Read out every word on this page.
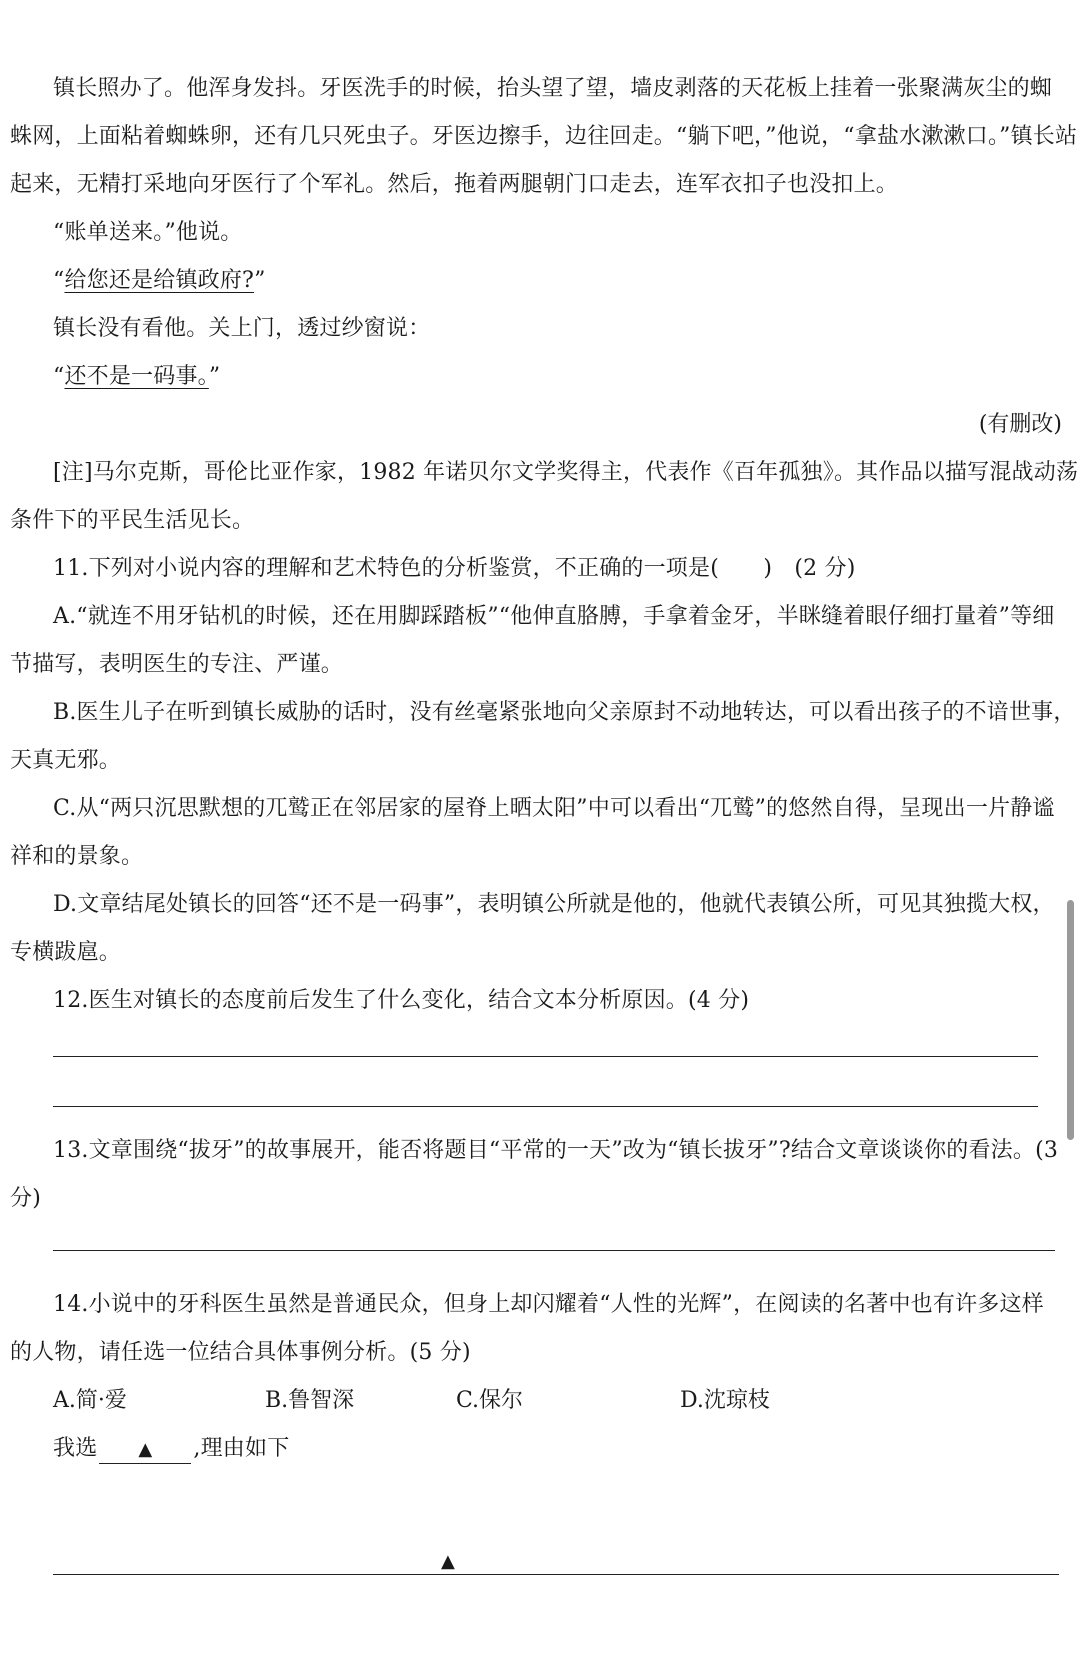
镇长照办了。他浑身发抖。牙医洗手的时候，抬头望了望，墙皮剥落的天花板上挂着一张聚满灰尘的蜘
蛛网，上面粘着蜘蛛卵，还有几只死虫子。牙医边擦手，边往回走。“躺下吧，”他说，“拿盐水漱漱口。”镇长站
起来，无精打采地向牙医行了个军礼。然后，拖着两腿朝门口走去，连军衣扣子也没扣上。
“账单送来。”他说。
“给您还是给镇政府?”
镇长没有看他。关上门，透过纱窗说：
“还不是一码事。”
(有删改)
[注]马尔克斯，哥伦比亚作家，1982 年诺贝尔文学奖得主，代表作《百年孤独》。其作品以描写混战动荡
条件下的平民生活见长。
11.下列对小说内容的理解和艺术特色的分析鉴赏，不正确的一项是(　　)　(2 分)
A.“就连不用牙钻机的时候，还在用脚踩踏板”“他伸直胳膊，手拿着金牙，半眯缝着眼仔细打量着”等细
节描写，表明医生的专注、严谨。
B.医生儿子在听到镇长威胁的话时，没有丝毫紧张地向父亲原封不动地转达，可以看出孩子的不谙世事，
天真无邪。
C.从“两只沉思默想的兀鹫正在邻居家的屋脊上晒太阳”中可以看出“兀鹫”的悠然自得，呈现出一片静谧
祥和的景象。
D.文章结尾处镇长的回答“还不是一码事”，表明镇公所就是他的，他就代表镇公所，可见其独揽大权，
专横跋扈。
12.医生对镇长的态度前后发生了什么变化，结合文本分析原因。(4 分)
13.文章围绕“拔牙”的故事展开，能否将题目“平常的一天”改为“镇长拔牙”?结合文章谈谈你的看法。(3
分)
14.小说中的牙科医生虽然是普通民众，但身上却闪耀着“人性的光辉”，在阅读的名著中也有许多这样
的人物，请任选一位结合具体事例分析。(5 分)
A.简·爱	B.鲁智深	C.保尔	D.沈琼枝
我选 ▲ ,理由如下
▲
